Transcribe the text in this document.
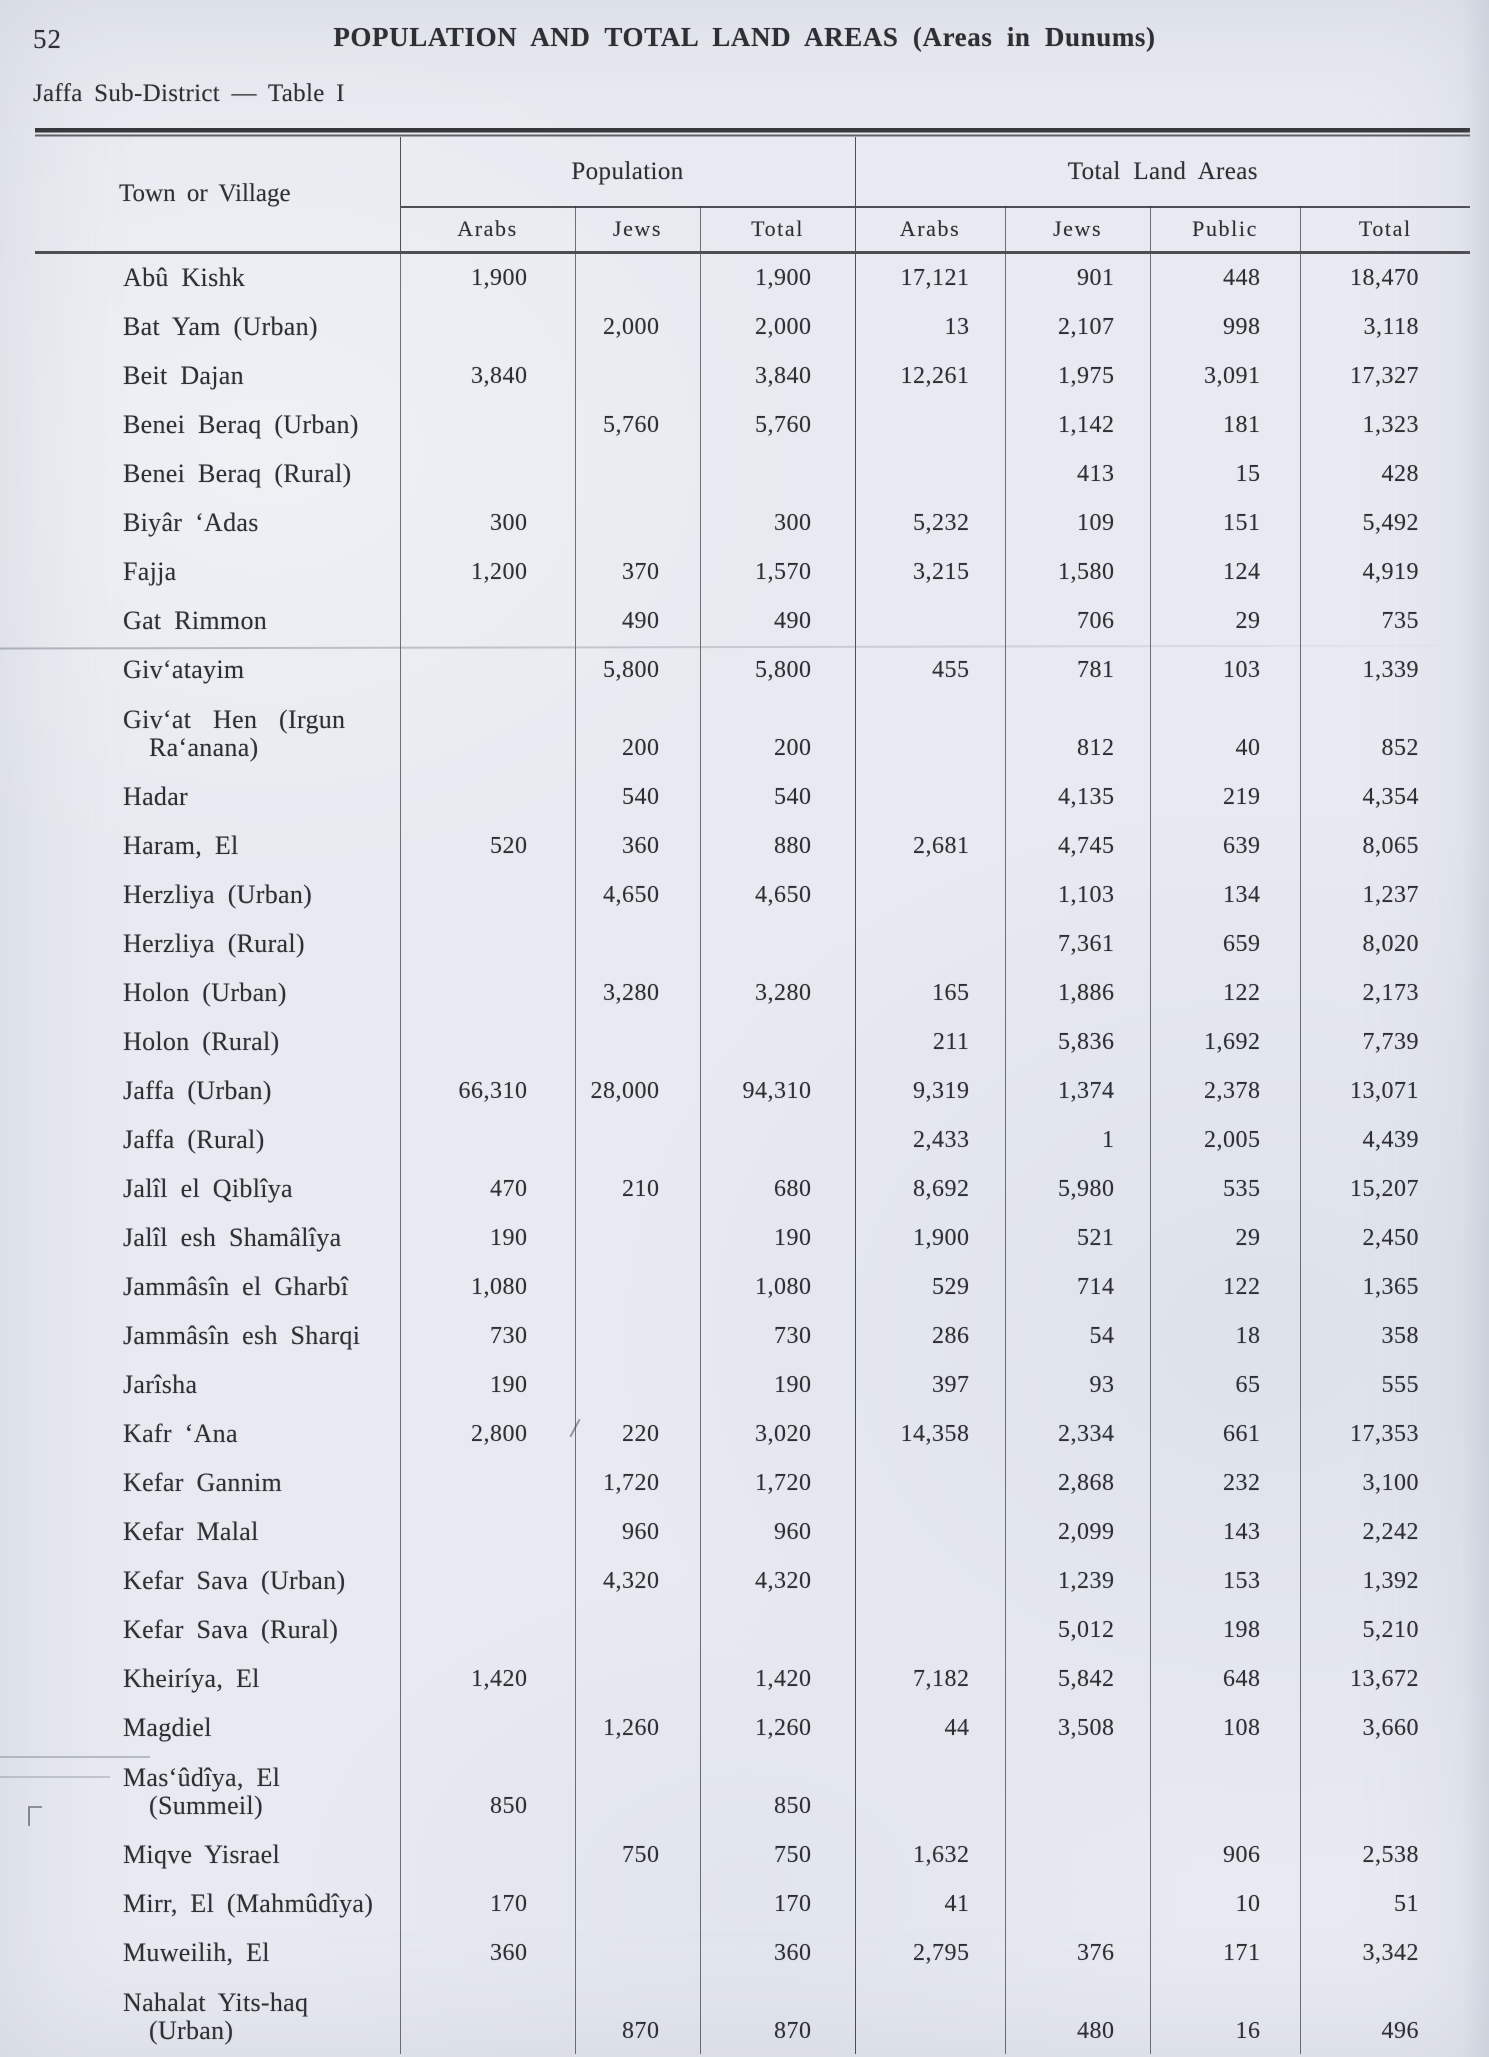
52	POPULATION AND TOTAL LAND AREAS (Areas in Dunums)
Jaffa Sub-District — Table I
Town or Village	Population			Total Land Areas			
	Arabs	Jews	Total	Arabs	Jews	Public	Total

Abû Kishk	1,900		1,900	17,121	901	448	18,470

Bat Yam (Urban)		2,000	2,000	13	2,107	998	3,118

Beit Dajan	3,840		3,840	12,261	1,975	3,091	17,327

Benei Beraq (Urban)		5,760	5,760		1,142	181	1,323

Benei Beraq (Rural)					413	15	428

Biyâr ‘Adas	300		300	5,232	109	151	5,492

Fajja	1,200	370	1,570	3,215	1,580	124	4,919

Gat Rimmon		490	490		706	29	735

Giv‘atayim		5,800	5,800	455	781	103	1,339

Giv‘at Hen (Irgun
Ra‘anana)		200	200		812	40	852

Hadar		540	540		4,135	219	4,354

Haram, El	520	360	880	2,681	4,745	639	8,065

Herzliya (Urban)		4,650	4,650		1,103	134	1,237

Herzliya (Rural)					7,361	659	8,020

Holon (Urban)		3,280	3,280	165	1,886	122	2,173

Holon (Rural)				211	5,836	1,692	7,739

Jaffa (Urban)	66,310	28,000	94,310	9,319	1,374	2,378	13,071

Jaffa (Rural)				2,433	1	2,005	4,439

Jalîl el Qiblîya	470	210	680	8,692	5,980	535	15,207

Jalîl esh Shamâlîya	190		190	1,900	521	29	2,450

Jammâsîn el Gharbî	1,080		1,080	529	714	122	1,365

Jammâsîn esh Sharqi	730		730	286	54	18	358

Jarîsha	190		190	397	93	65	555

Kafr ‘Ana	2,800	220	3,020	14,358	2,334	661	17,353

Kefar Gannim		1,720	1,720		2,868	232	3,100

Kefar Malal		960	960		2,099	143	2,242

Kefar Sava (Urban)		4,320	4,320		1,239	153	1,392

Kefar Sava (Rural)					5,012	198	5,210

Kheiríya, El	1,420		1,420	7,182	5,842	648	13,672

Magdiel		1,260	1,260	44	3,508	108	3,660

Mas‘ûdîya, El
(Summeil)	850		850				

Miqve Yisrael		750	750	1,632		906	2,538

Mirr, El (Mahmûdîya)	170		170	41		10	51

Muweilih, El	360		360	2,795	376	171	3,342

Nahalat Yits-haq
(Urban)		870	870		480	16	496
